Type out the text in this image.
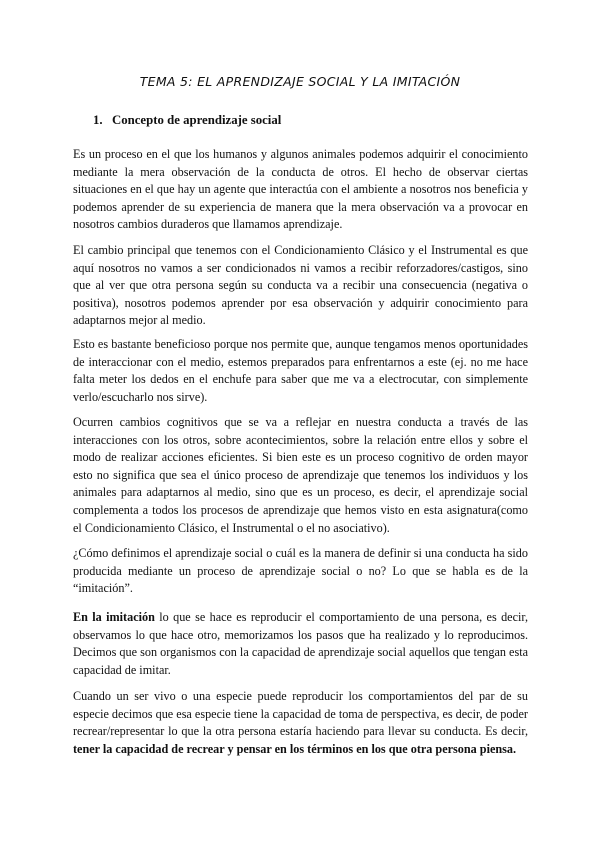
TEMA 5: EL APRENDIZAJE SOCIAL Y LA IMITACIÓN
1. Concepto de aprendizaje social

Es un proceso en el que los humanos y algunos animales podemos adquirir el conocimiento mediante la mera observación de la conducta de otros. El hecho de observar ciertas situaciones en el que hay un agente que interactúa con el ambiente a nosotros nos beneficia y podemos aprender de su experiencia de manera que la mera observación va a provocar en nosotros cambios duraderos que llamamos aprendizaje.

El cambio principal que tenemos con el Condicionamiento Clásico y el Instrumental es que aquí nosotros no vamos a ser condicionados ni vamos a recibir reforzadores/castigos, sino que al ver que otra persona según su conducta va a recibir una consecuencia (negativa o positiva), nosotros podemos aprender por esa observación y adquirir conocimiento para adaptarnos mejor al medio.

Esto es bastante beneficioso porque nos permite que, aunque tengamos menos oportunidades de interaccionar con el medio, estemos preparados para enfrentarnos a este (ej. no me hace falta meter los dedos en el enchufe para saber que me va a electrocutar, con simplemente verlo/escucharlo nos sirve).

Ocurren cambios cognitivos que se va a reflejar en nuestra conducta a través de las interacciones con los otros, sobre acontecimientos, sobre la relación entre ellos y sobre el modo de realizar acciones eficientes. Si bien este es un proceso cognitivo de orden mayor esto no significa que sea el único proceso de aprendizaje que tenemos los individuos y los animales para adaptarnos al medio, sino que es un proceso, es decir, el aprendizaje social complementa a todos los procesos de aprendizaje que hemos visto en esta asignatura(como el Condicionamiento Clásico, el Instrumental o el no asociativo).

¿Cómo definimos el aprendizaje social o cuál es la manera de definir si una conducta ha sido producida mediante un proceso de aprendizaje social o no? Lo que se habla es de la “imitación”.

En la imitación lo que se hace es reproducir el comportamiento de una persona, es decir, observamos lo que hace otro, memorizamos los pasos que ha realizado y lo reproducimos. Decimos que son organismos con la capacidad de aprendizaje social aquellos que tengan esta capacidad de imitar.

Cuando un ser vivo o una especie puede reproducir los comportamientos del par de su especie decimos que esa especie tiene la capacidad de toma de perspectiva, es decir, de poder recrear/representar lo que la otra persona estaría haciendo para llevar su conducta. Es decir, tener la capacidad de recrear y pensar en los términos en los que otra persona piensa.
